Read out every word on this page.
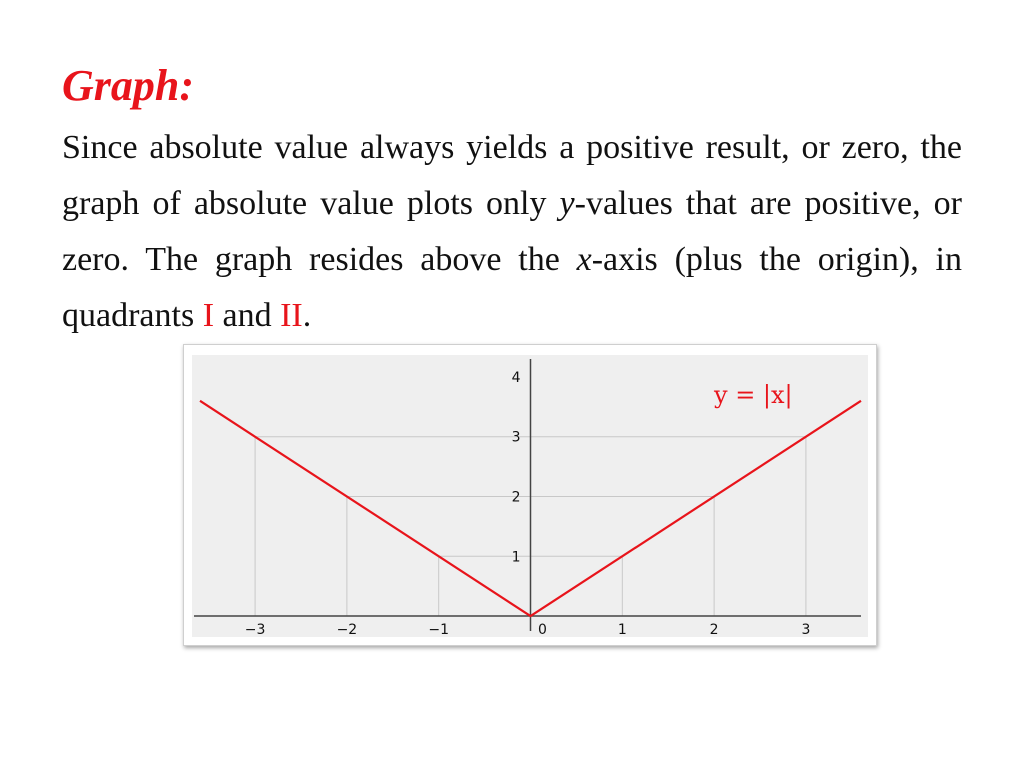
Graph:

Since absolute value always yields a positive result, or zero, the graph of absolute value plots only y-values that are positive, or zero. The graph resides above the x-axis (plus the origin), in quadrants I and II.

−3	−2	−1	0	1	2	3
1
2
3
4
y = |x|
